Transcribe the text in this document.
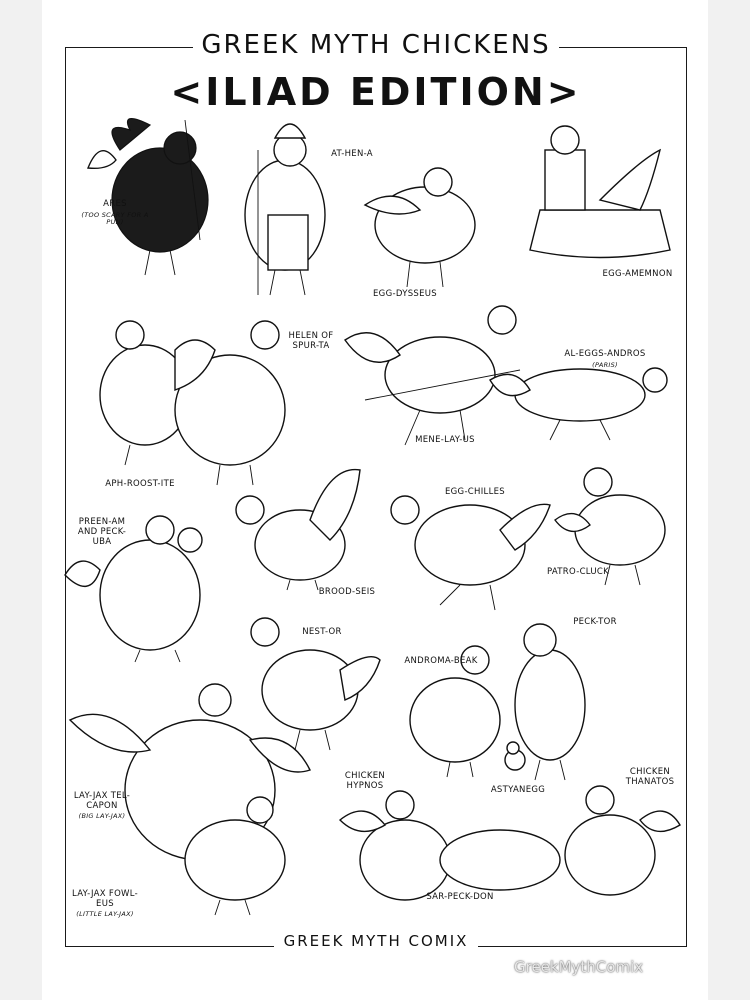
GREEK MYTH CHICKENS
<ILIAD EDITION>

ARES

(TOO SCARY FOR A PUN)

AT-HEN-A
EGG-DYSSEUS
EGG-AMEMNON

HELEN OF SPUR-TA

APH-ROOST-ITE
MENE-LAY-US

AL-EGGS-ANDROS

(PARIS)

PREEN-AM AND PECK-UBA
BROOD-SEIS
EGG-CHILLES
PATRO-CLUCK
NEST-OR
PECK-TOR
ANDROMA-BEAK
ASTYANEGG

LAY-JAX TEL-CAPON

(BIG LAY-JAX)

LAY-JAX FOWL-EUS

(LITTLE LAY-JAX)

CHICKEN HYPNOS
CHICKEN THANATOS
SAR-PECK-DON
GREEK MYTH COMIX
GreekMythComix
